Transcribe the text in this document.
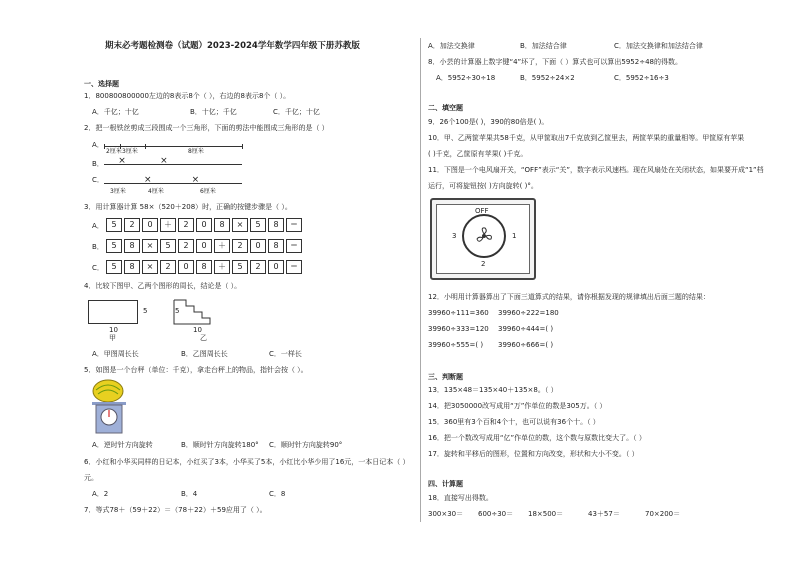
期末必考题检测卷（试题）2023-2024学年数学四年级下册苏教版
一、选择题
1．800800800000左边的8表示8个（ ），右边的8表示8个（ ）。
A．千亿；十亿	B．十亿；千亿	C．千亿；十亿
2．把一根铁丝剪成三段围成一个三角形，下面的剪法中能围成三角形的是（ ）
A．
2厘米 3厘米	8厘米
B． ×            ×
C． ×              ×
3厘米	4厘米	6厘米
3．用计算器计算 58×（520＋208）时，正确的按键步骤是（ ）。
A． 5	2	0	＋	2	0	8	×	5	8	＝
B． 5	8	×	5	2	0	＋	2	0	8	＝
C． 5	8	×	2	0	8	＋	5	2	0	＝
4．比较下图甲、乙两个图形的周长，结论是（ ）。
5
10
甲
5
10
乙
A．甲图周长长	B．乙图周长长	C．一样长
5．如图是一个台秤（单位：千克），拿走台秤上的物品，指针会按（ ）。
A．逆时针方向旋转	B．顺时针方向旋转180° C．顺时针方向旋转90°
6．小红和小华买同样的日记本，小红买了3本，小华买了5本，小红比小华少用了16元，一本日记本（ ）
元。
A．2	B．4	C．8
7．等式78＋（59＋22）＝（78＋22）＋59应用了（ ）。
A．加法交换律	B．加法结合律	C．加法交换律和加法结合律
8．小芸的计算器上数字键“4”坏了，下面（ ）算式也可以算出5952÷48的得数。
A．5952÷30÷18	B．5952÷24×2	C．5952÷16÷3
二、填空题
9．26个100是( )，390的80倍是( )。
10．甲、乙两筐苹果共58千克，从甲筐取出7千克放到乙筐里去，两筐苹果的重量相等。甲筐原有苹果
( )千克，乙筐原有苹果( )千克。
11．下图是一个电风扇开关，“OFF”表示“关”，数字表示风速档。现在风扇处在关闭状态，如果要开成“1”档
运行，可将旋钮按( )方向旋转( )°。
OFF
1
2
3
12．小明用计算器算出了下面三道算式的结果，请你根据发现的规律填出后面三题的结果：
39960÷111=360 39960÷222=180
39960÷333=120 39960÷444=( )
39960÷555=( ) 39960÷666=( )
三、判断题
13．135×48＝135×40＋135×8。（ ）
14．把3050000改写成用“万”作单位的数是305万。（ ）
15．360里有3个百和4个十，也可以说有36个十。（ ）
16．把一个数改写成用“亿”作单位的数，这个数与原数比变大了。（ ）
17．旋转和平移后的图形，位置和方向改变，形状和大小不变。（ ）
四、计算题
18．直接写出得数。
300×30＝ 600÷30＝ 18×500＝	43＋57＝	70×200＝
